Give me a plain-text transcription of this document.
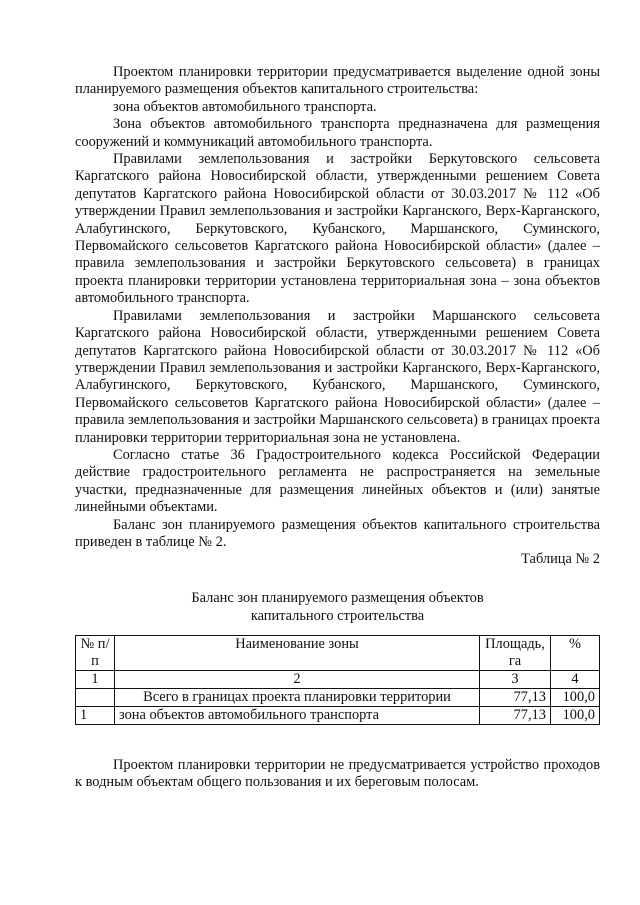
Проектом планировки территории предусматривается выделение одной зоны планируемого размещения объектов капитального строительства:

зона объектов автомобильного транспорта.

Зона объектов автомобильного транспорта предназначена для размещения сооружений и коммуникаций автомобильного транспорта.

Правилами землепользования и застройки Беркутовского сельсовета Каргатского района Новосибирской области, утвержденными решением Совета депутатов Каргатского района Новосибирской области от 30.03.2017 № 112 «Об утверждении Правил землепользования и застройки Карганского, Верх-Карганского, Алабугинского, Беркутовского, Кубанского, Маршанского, Суминского, Первомайского сельсоветов Каргатского района Новосибирской области» (далее – правила землепользования и застройки Беркутовского сельсовета) в границах проекта планировки территории установлена территориальная зона – зона объектов автомобильного транспорта.

Правилами землепользования и застройки Маршанского сельсовета Каргатского района Новосибирской области, утвержденными решением Совета депутатов Каргатского района Новосибирской области от 30.03.2017 № 112 «Об утверждении Правил землепользования и застройки Карганского, Верх-Карганского, Алабугинского, Беркутовского, Кубанского, Маршанского, Суминского, Первомайского сельсоветов Каргатского района Новосибирской области» (далее – правила землепользования и застройки Маршанского сельсовета) в границах проекта планировки территории территориальная зона не установлена.

Согласно статье 36 Градостроительного кодекса Российской Федерации действие градостроительного регламента не распространяется на земельные участки, предназначенные для размещения линейных объектов и (или) занятые линейными объектами.

Баланс зон планируемого размещения объектов капитального строительства приведен в таблице № 2.

Таблица № 2

Баланс зон планируемого размещения объектов
капитального строительства
№ п/п	Наименование зоны	Площадь, га	%
1	2	3	4
	Всего в границах проекта планировки территории	77,13	100,0
1	зона объектов автомобильного транспорта	77,13	100,0

Проектом планировки территории не предусматривается устройство проходов к водным объектам общего пользования и их береговым полосам.
